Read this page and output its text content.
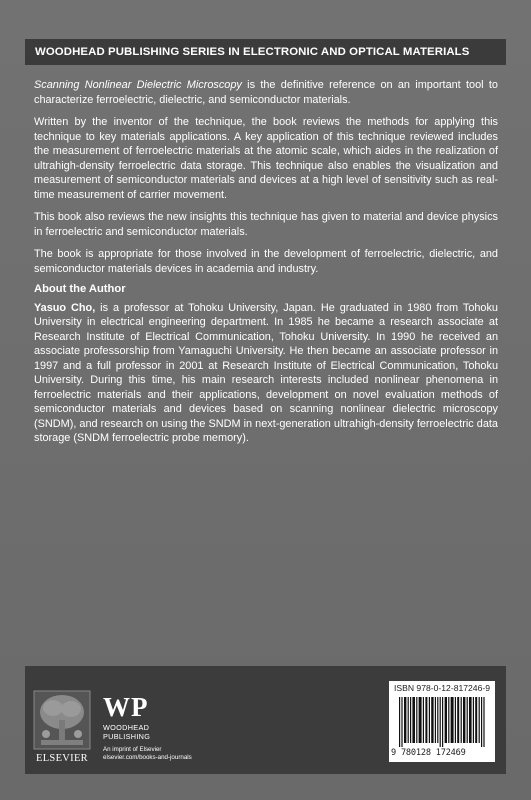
WOODHEAD PUBLISHING SERIES IN ELECTRONIC AND OPTICAL MATERIALS

Scanning Nonlinear Dielectric Microscopy is the definitive reference on an important tool to characterize ferroelectric, dielectric, and semiconductor materials.

Written by the inventor of the technique, the book reviews the methods for applying this technique to key materials applications. A key application of this technique reviewed includes the measurement of ferroelectric materials at the atomic scale, which aides in the realization of ultrahigh-density ferroelectric data storage. This technique also enables the visualization and measurement of semiconductor materials and devices at a high level of sensitivity such as real-time measurement of carrier movement.

This book also reviews the new insights this technique has given to material and device physics in ferroelectric and semiconductor materials.

The book is appropriate for those involved in the development of ferroelectric, dielectric, and semiconductor materials devices in academia and industry.

About the Author

Yasuo Cho, is a professor at Tohoku University, Japan. He graduated in 1980 from Tohoku University in electrical engineering department. In 1985 he became a research associate at Research Institute of Electrical Communication, Tohoku University. In 1990 he received an associate professorship from Yamaguchi University. He then became an associate professor in 1997 and a full professor in 2001 at Research Institute of Electrical Communication, Tohoku University. During this time, his main research interests included nonlinear phenomena in ferroelectric materials and their applications, development on novel evaluation methods of semiconductor materials and devices based on scanning nonlinear dielectric microscopy (SNDM), and research on using the SNDM in next-generation ultrahigh-density ferroelectric data storage (SNDM ferroelectric probe memory).

ELSEVIER
WP
WOODHEAD
PUBLISHING
An imprint of Elsevier
elsevier.com/books-and-journals
ISBN 978-0-12-817246-9
9 780128 172469
